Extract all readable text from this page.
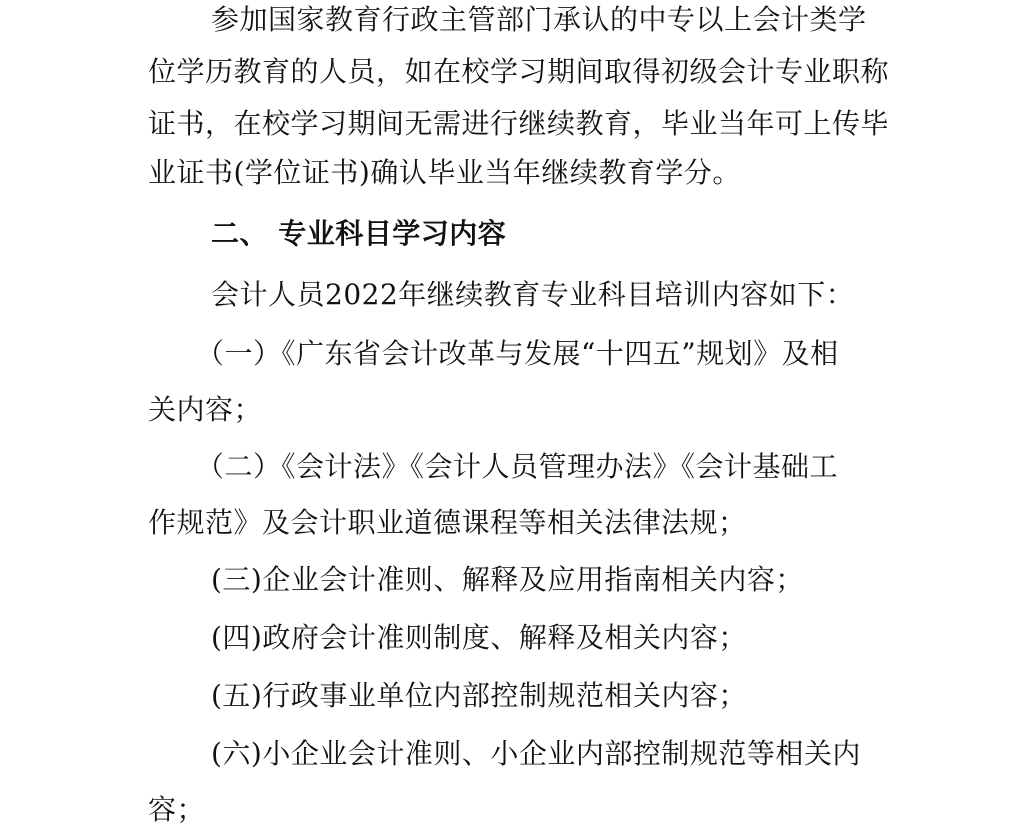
参加国家教育行政主管部门承认的中专以上会计类学
位学历教育的人员，如在校学习期间取得初级会计专业职称
证书，在校学习期间无需进行继续教育，毕业当年可上传毕
业证书(学位证书)确认毕业当年继续教育学分。
二、 专业科目学习内容
会计人员2022年继续教育专业科目培训内容如下：
（一）《广东省会计改革与发展“十四五”规划》及相
关内容；
（二）《会计法》《会计人员管理办法》《会计基础工
作规范》及会计职业道德课程等相关法律法规；
(三)企业会计准则、解释及应用指南相关内容；
(四)政府会计准则制度、解释及相关内容；
(五)行政事业单位内部控制规范相关内容；
(六)小企业会计准则、小企业内部控制规范等相关内
容；
